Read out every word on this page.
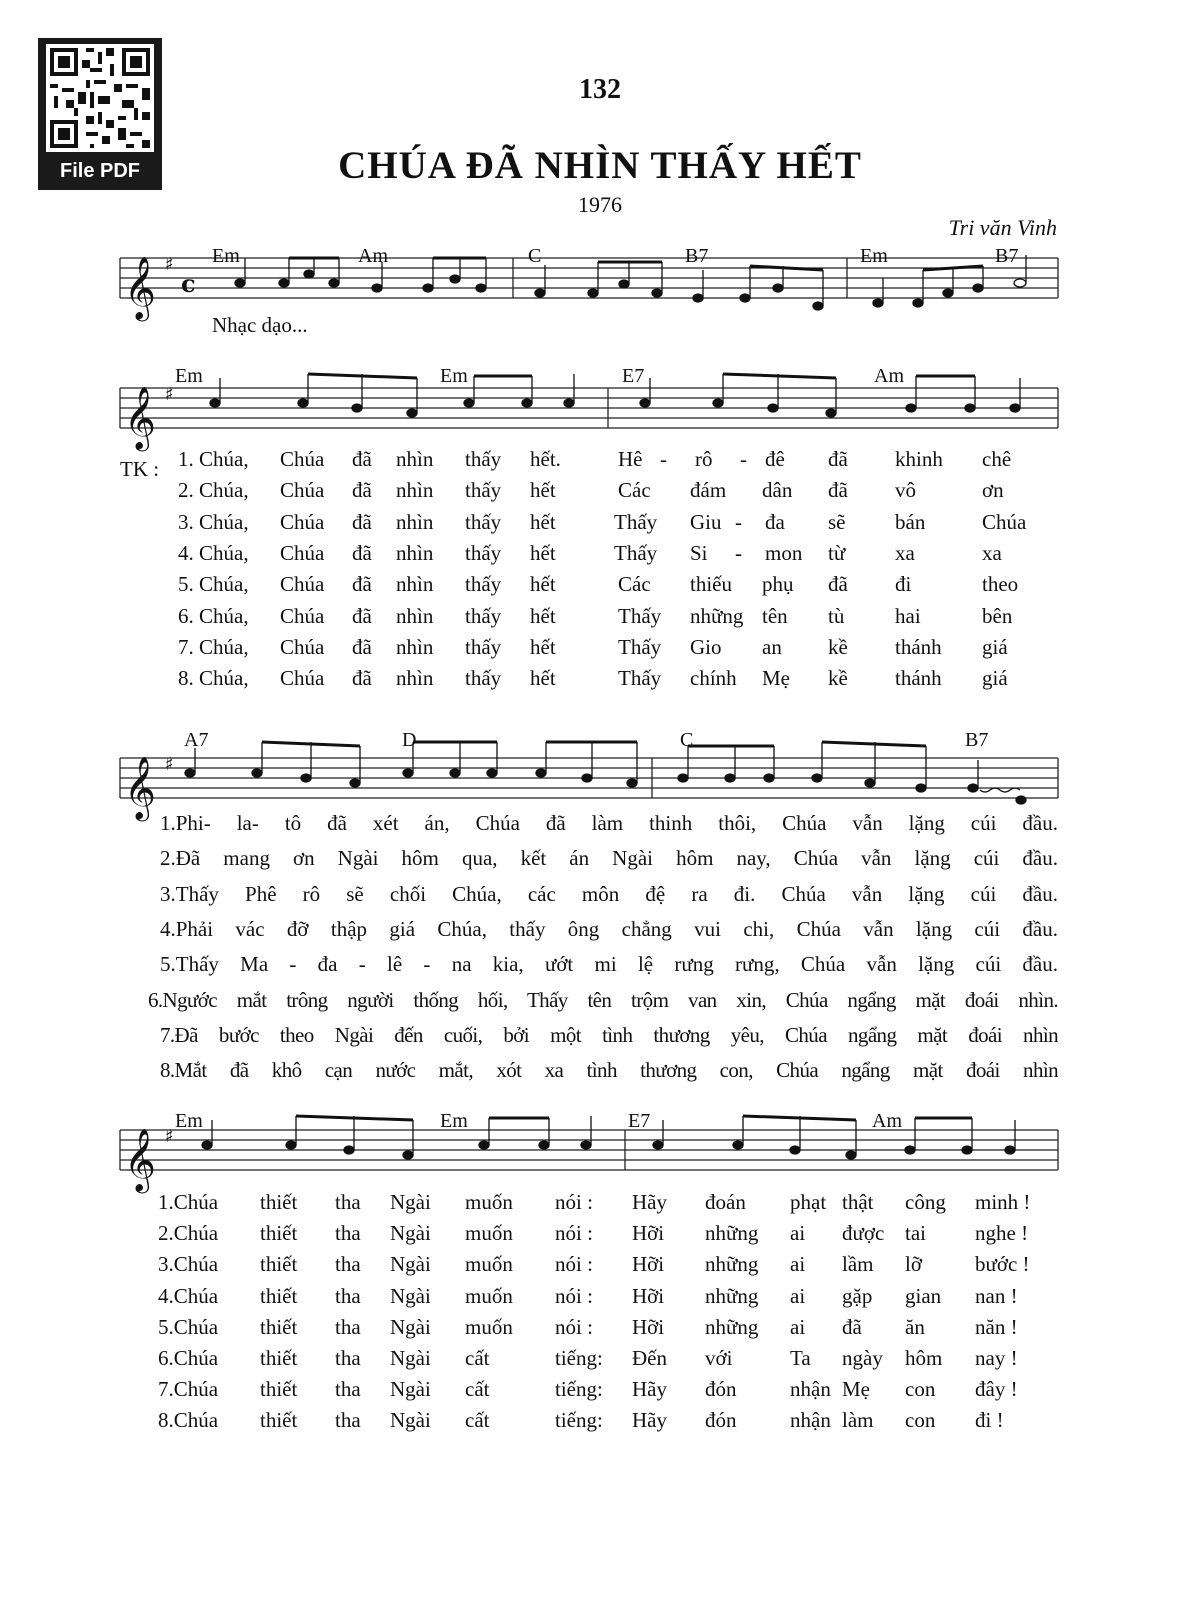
File PDF
132
CHÚA ĐÃ NHÌN THẤY HẾT
1976
Tri văn Vinh
𝄞 ♯
c
𝄞 ♯
𝄞 ♯
𝄞 ♯
Em	Am	C	B7	Em	B7
Em	Em	E7	Am
A7	D	C	B7
Em	Em	E7	Am
Nhạc dạo...
TK : 1. Chúa, Chúa đã nhìn thấy hết.	Hê - rô - đê đã khinh chê
2. Chúa, Chúa đã nhìn thấy hết	Các đám dân đã vô	ơn
3. Chúa, Chúa đã nhìn thấy hết	Thấy Giu - đa sẽ bán	Chúa
4. Chúa, Chúa đã nhìn thấy hết	Thấy Si - mon từ xa	xa
5. Chúa, Chúa đã nhìn thấy hết	Các thiếu phụ đã đi	theo
6. Chúa, Chúa đã nhìn thấy hết	Thấy những tên tù hai	bên
7. Chúa, Chúa đã nhìn thấy hết	Thấy Gio an kề thánh giá
8. Chúa, Chúa đã nhìn thấy hết	Thấy chính Mẹ kề thánh giá
1.Phi- la- tô đã xét án, Chúa đã làm thinh thôi, Chúa vẫn lặng cúi đầu.
2.Đã mang ơn Ngài hôm qua, kết án Ngài hôm nay, Chúa vẫn lặng cúi đầu.
3.Thấy Phê rô sẽ chối Chúa, các môn đệ ra đi. Chúa vẫn lặng cúi đầu.
4.Phải vác đỡ thập giá Chúa, thấy ông chẳng vui chi, Chúa vẫn lặng cúi đầu.
5.Thấy Ma - đa - lê - na kia, ướt mi lệ rưng rưng, Chúa vẫn lặng cúi đầu.
6.Ngước mắt trông người thống hối, Thấy tên trộm van xin, Chúa ngẩng mặt đoái nhìn.
7.Đã bước theo Ngài đến cuối, bởi một tình thương yêu, Chúa ngẩng mặt đoái nhìn
8.Mắt đã khô cạn nước mắt, xót xa tình thương con, Chúa ngẩng mặt đoái nhìn
1.Chúa thiết tha Ngài muốn nói : Hãy đoán phạt thật công minh !
2.Chúa thiết tha Ngài muốn nói : Hỡi những ai được tai nghe !
3.Chúa thiết tha Ngài muốn nói : Hỡi những ai lầm lỡ	bước !
4.Chúa thiết tha Ngài muốn nói : Hỡi những ai gặp gian nan !
5.Chúa thiết tha Ngài muốn nói : Hỡi những ai đã ăn năn !
6.Chúa thiết tha Ngài cất	tiếng: Đến với	Ta ngày hôm nay !
7.Chúa thiết tha Ngài cất	tiếng: Hãy đón	nhận Mẹ con đây !
8.Chúa thiết tha Ngài cất	tiếng: Hãy đón	nhận làm con đi !
